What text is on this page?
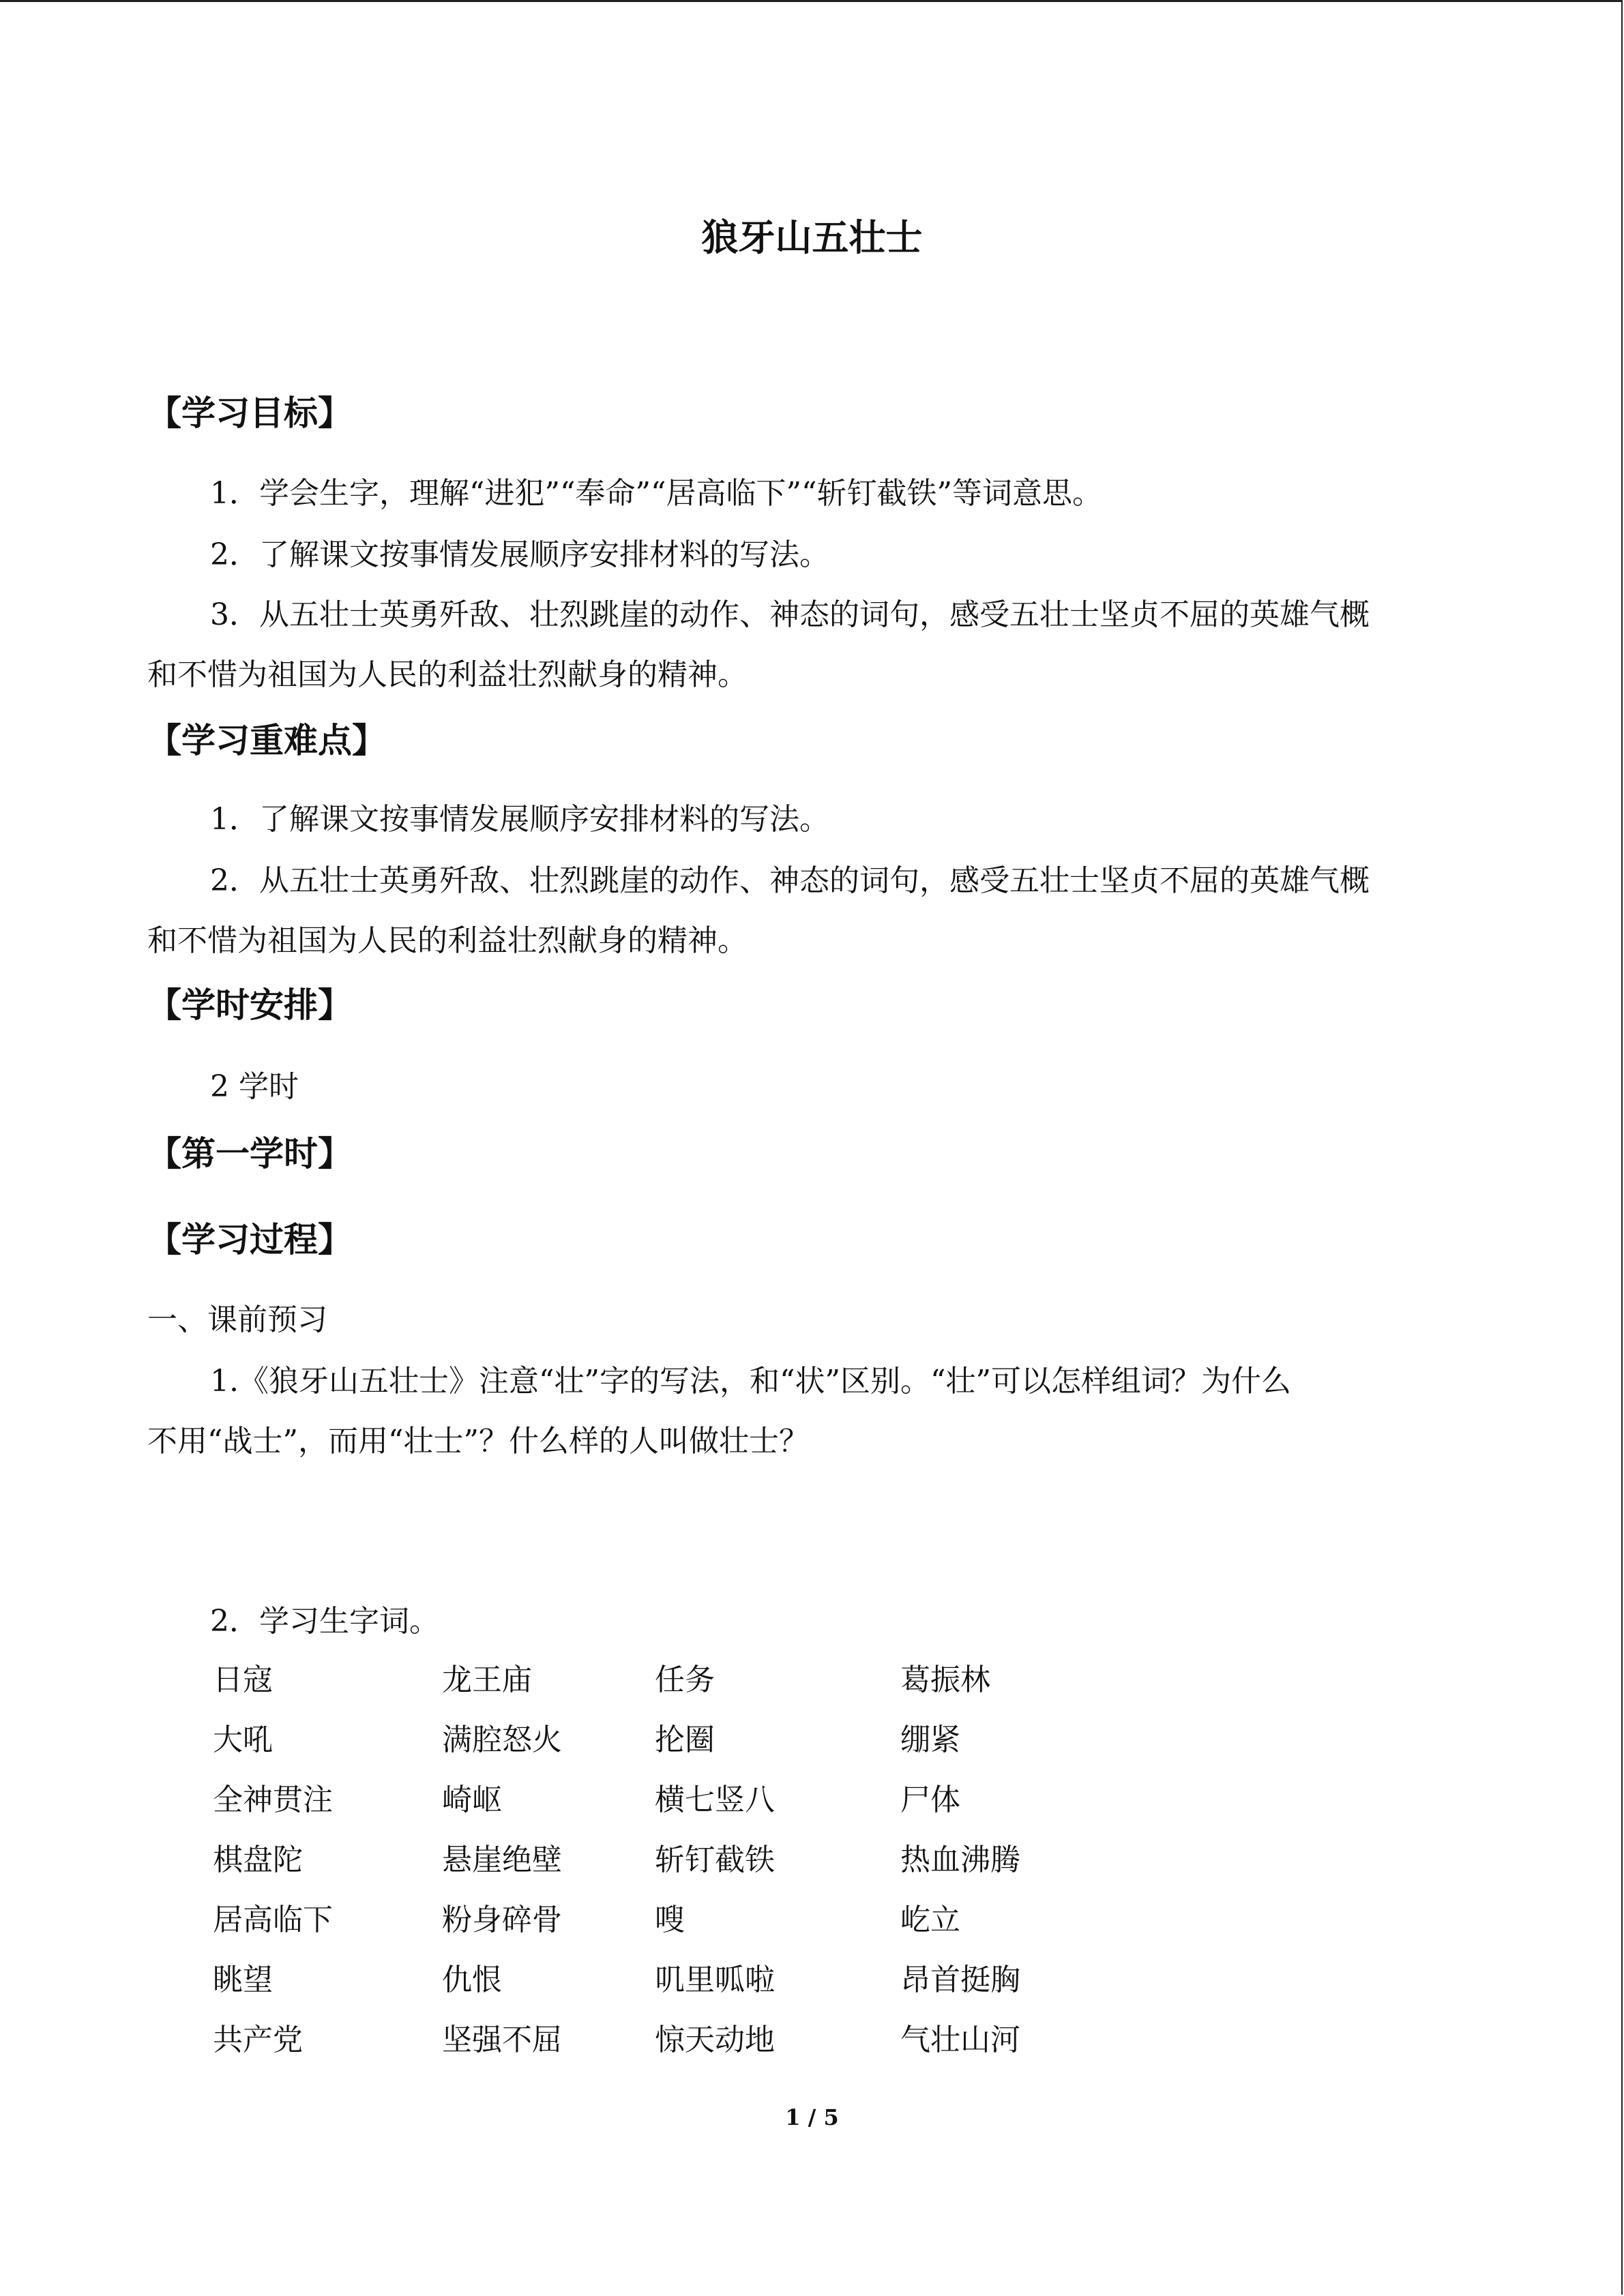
狼牙山五壮士
【学习目标】
1．学会生字，理解“进犯”“奉命”“居高临下”“斩钉截铁”等词意思。
2．了解课文按事情发展顺序安排材料的写法。
3．从五壮士英勇歼敌、壮烈跳崖的动作、神态的词句，感受五壮士坚贞不屈的英雄气概
和不惜为祖国为人民的利益壮烈献身的精神。
【学习重难点】
1．了解课文按事情发展顺序安排材料的写法。
2．从五壮士英勇歼敌、壮烈跳崖的动作、神态的词句，感受五壮士坚贞不屈的英雄气概
和不惜为祖国为人民的利益壮烈献身的精神。
【学时安排】
2 学时
【第一学时】
【学习过程】
一、课前预习
1.《狼牙山五壮士》注意“壮”字的写法，和“状”区别。“壮”可以怎样组词？为什么
不用“战士”，而用“壮士”？什么样的人叫做壮士？
2．学习生字词。
日寇	龙王庙	任务	葛振林
大吼	满腔怒火	抡圈	绷紧
全神贯注	崎岖	横七竖八	尸体
棋盘陀	悬崖绝壁	斩钉截铁	热血沸腾
居高临下	粉身碎骨	嗖	屹立
眺望	仇恨	叽里呱啦	昂首挺胸
共产党	坚强不屈	惊天动地	气壮山河
1 / 5
